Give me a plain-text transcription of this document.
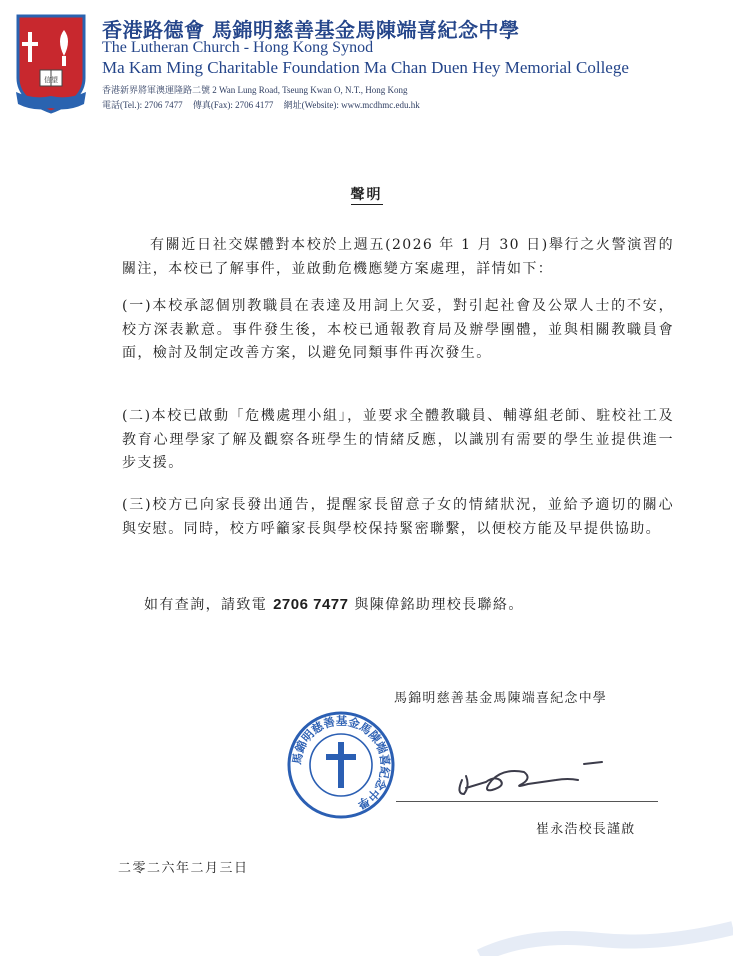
信望
香港路德會 馬錦明慈善基金馬陳端喜紀念中學
The Lutheran Church - Hong Kong Synod
Ma Kam Ming Charitable Foundation Ma Chan Duen Hey Memorial College
香港新界將軍澳運隆路二號 2 Wan Lung Road, Tseung Kwan O, N.T., Hong Kong
電話(Tel.): 2706 7477 傳真(Fax): 2706 4177 網址(Website): www.mcdhmc.edu.hk
聲明
有關近日社交媒體對本校於上週五(2026 年 1 月 30 日)舉行之火警演習的關注，本校已了解事件，並啟動危機應變方案處理，詳情如下：
(一)本校承認個別教職員在表達及用詞上欠妥，對引起社會及公眾人士的不安，校方深表歉意。事件發生後，本校已通報教育局及辦學團體，並與相關教職員會面，檢討及制定改善方案，以避免同類事件再次發生。
(二)本校已啟動「危機處理小組」，並要求全體教職員、輔導組老師、駐校社工及教育心理學家了解及觀察各班學生的情緒反應，以識別有需要的學生並提供進一步支援。
(三)校方已向家長發出通告，提醒家長留意子女的情緒狀況，並給予適切的關心與安慰。同時，校方呼籲家長與學校保持緊密聯繫，以便校方能及早提供協助。
如有查詢，請致電 2706 7477 與陳偉銘助理校長聯絡。
馬錦明慈善基金馬陳端喜紀念中學
馬錦明慈善基金馬陳端喜紀念中學
崔永浩校長謹啟
二零二六年二月三日
